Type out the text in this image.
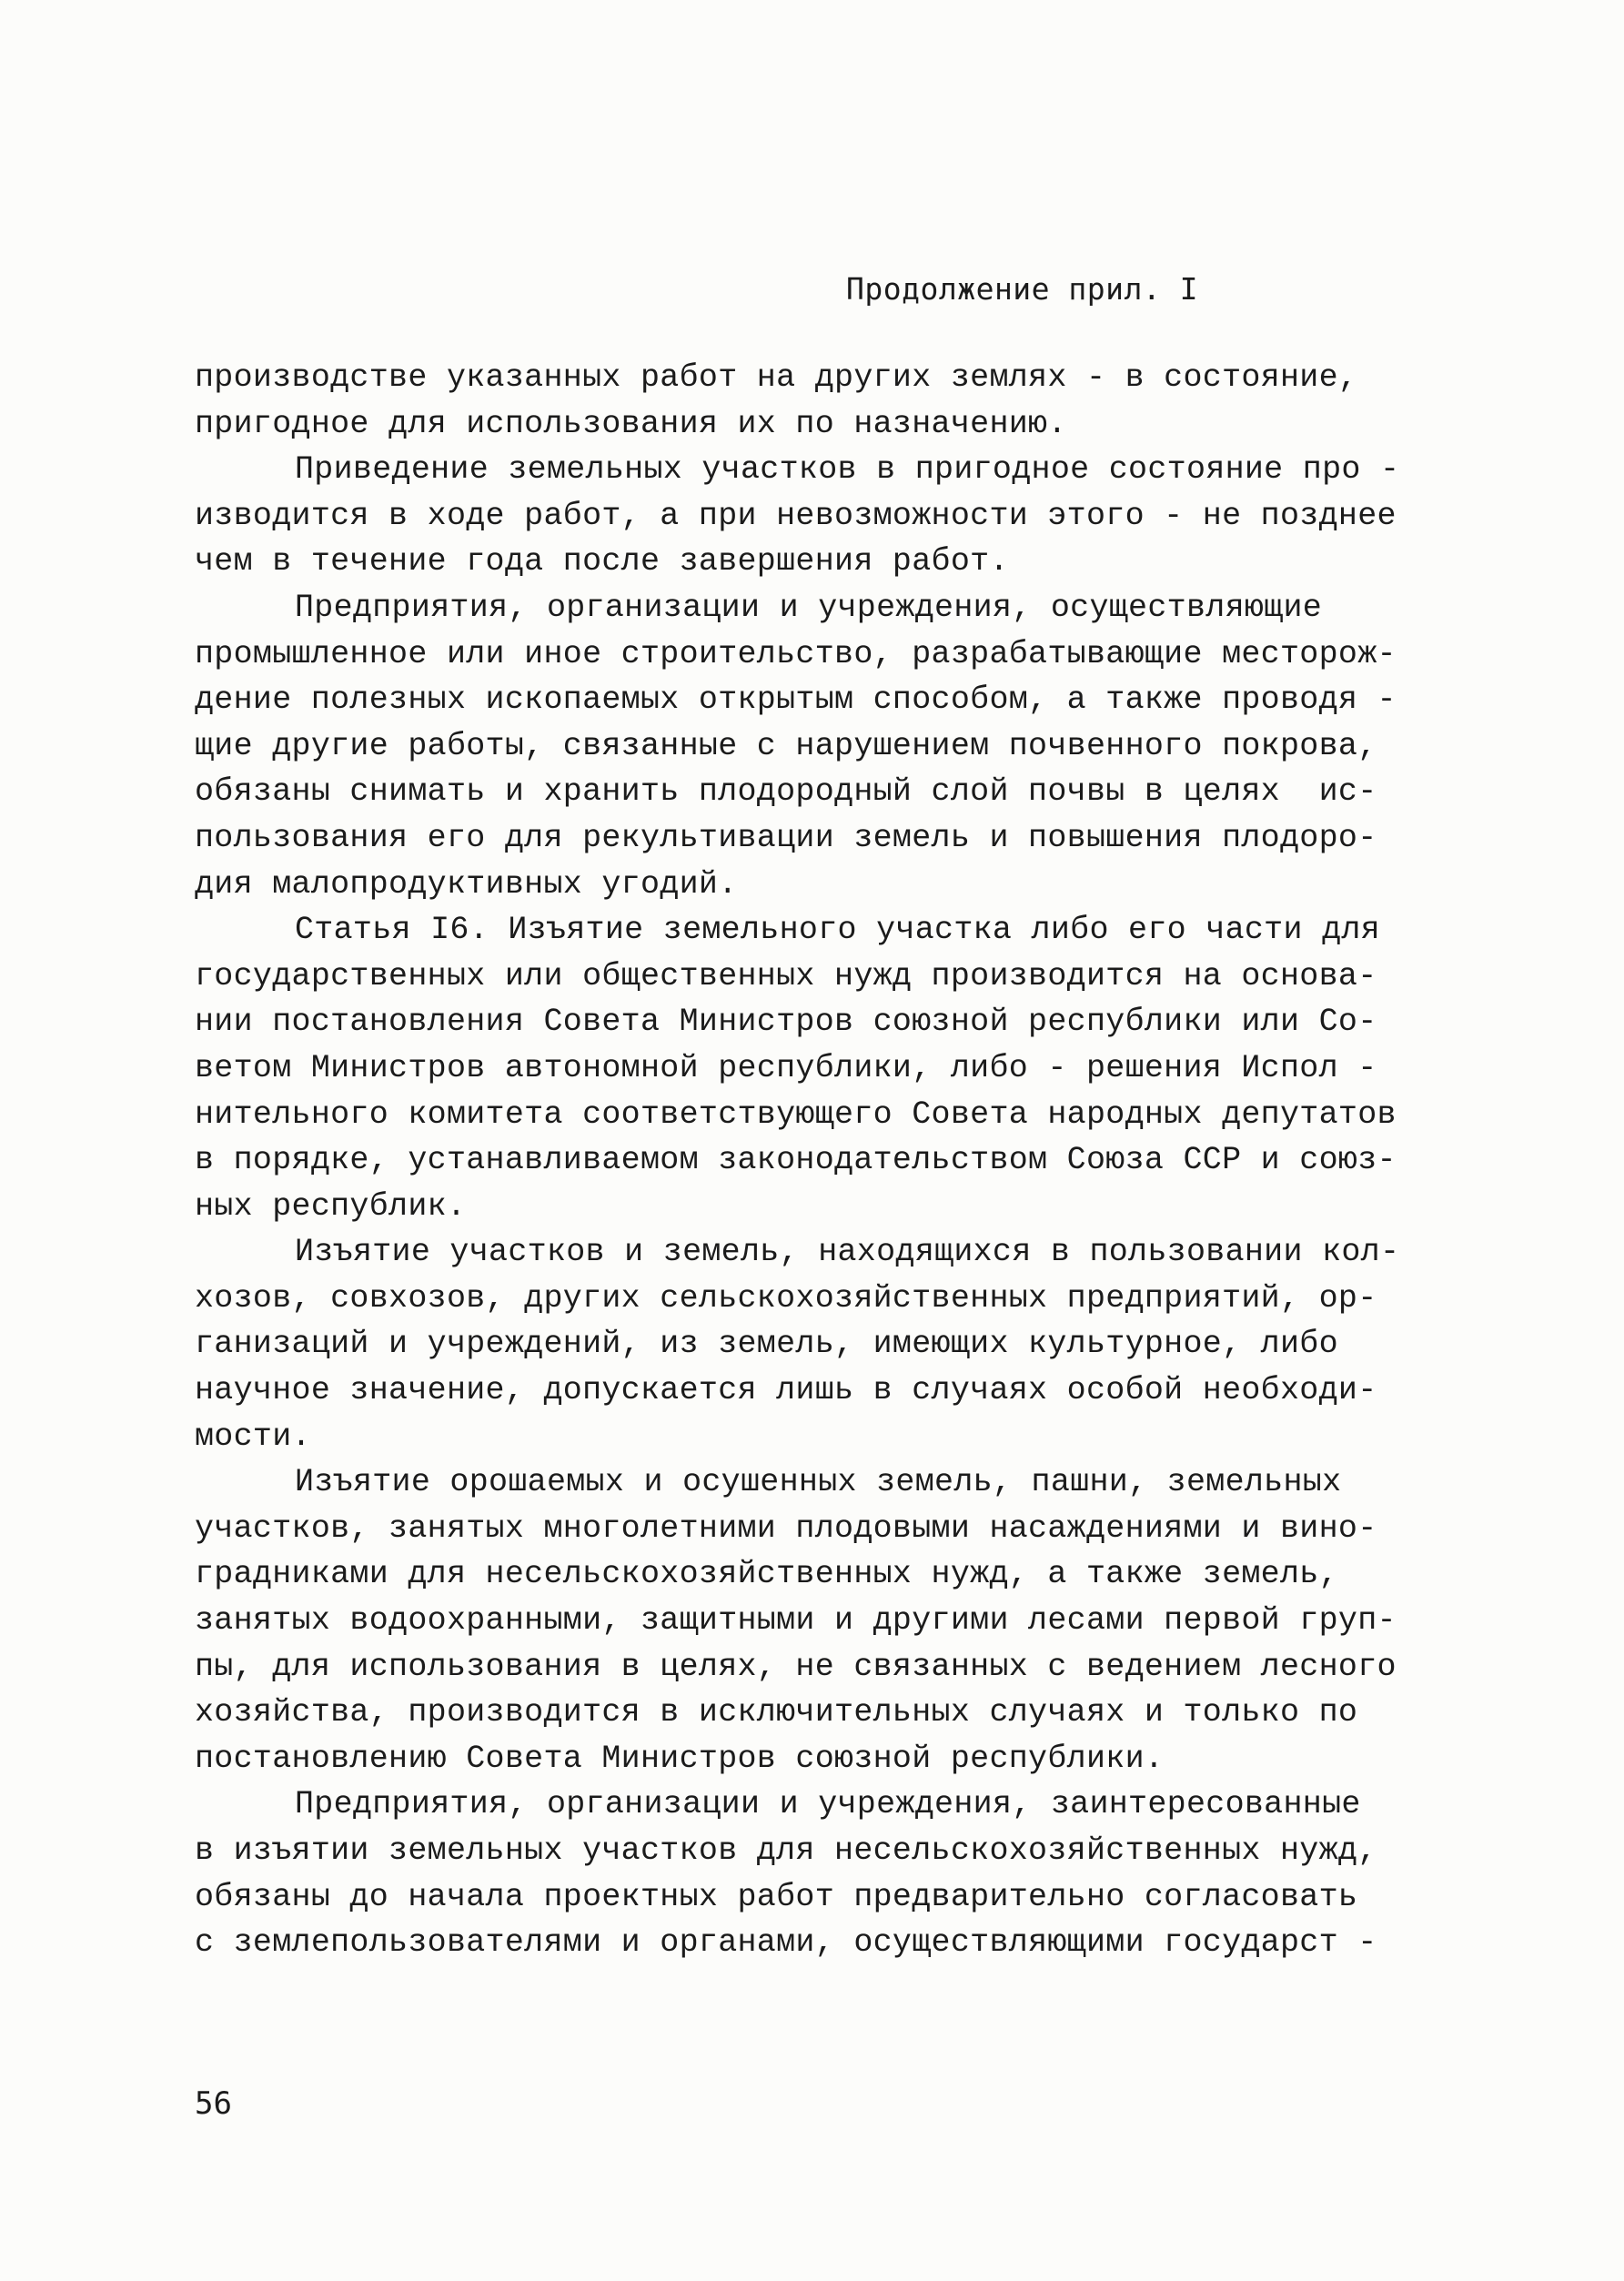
Продолжение прил. I
производстве указанных работ на других землях - в состояние,
пригодное для использования их по назначению.
Приведение земельных участков в пригодное состояние про -
изводится в ходе работ, а при невозможности этого - не позднее
чем в течение года после завершения работ.
Предприятия, организации и учреждения, осуществляющие
промышленное или иное строительство, разрабатывающие месторож-
дение полезных ископаемых открытым способом, а также проводя -
щие другие работы, связанные с нарушением почвенного покрова,
обязаны снимать и хранить плодородный слой почвы в целях  ис-
пользования его для рекультивации земель и повышения плодоро-
дия малопродуктивных угодий.
Статья I6. Изъятие земельного участка либо его части для
государственных или общественных нужд производится на основа-
нии постановления Совета Министров союзной республики или Со-
ветом Министров автономной республики, либо - решения Испол -
нительного комитета соответствующего Совета народных депутатов
в порядке, устанавливаемом законодательством Союза ССР и союз-
ных республик.
Изъятие участков и земель, находящихся в пользовании кол-
хозов, совхозов, других сельскохозяйственных предприятий, ор-
ганизаций и учреждений, из земель, имеющих культурное, либо
научное значение, допускается лишь в случаях особой необходи-
мости.
Изъятие орошаемых и осушенных земель, пашни, земельных
участков, занятых многолетними плодовыми насаждениями и вино-
градниками для несельскохозяйственных нужд, а также земель,
занятых водоохранными, защитными и другими лесами первой груп-
пы, для использования в целях, не связанных с ведением лесного
хозяйства, производится в исключительных случаях и только по
постановлению Совета Министров союзной республики.
Предприятия, организации и учреждения, заинтересованные
в изъятии земельных участков для несельскохозяйственных нужд,
обязаны до начала проектных работ предварительно согласовать
с землепользователями и органами, осуществляющими государст -
56
